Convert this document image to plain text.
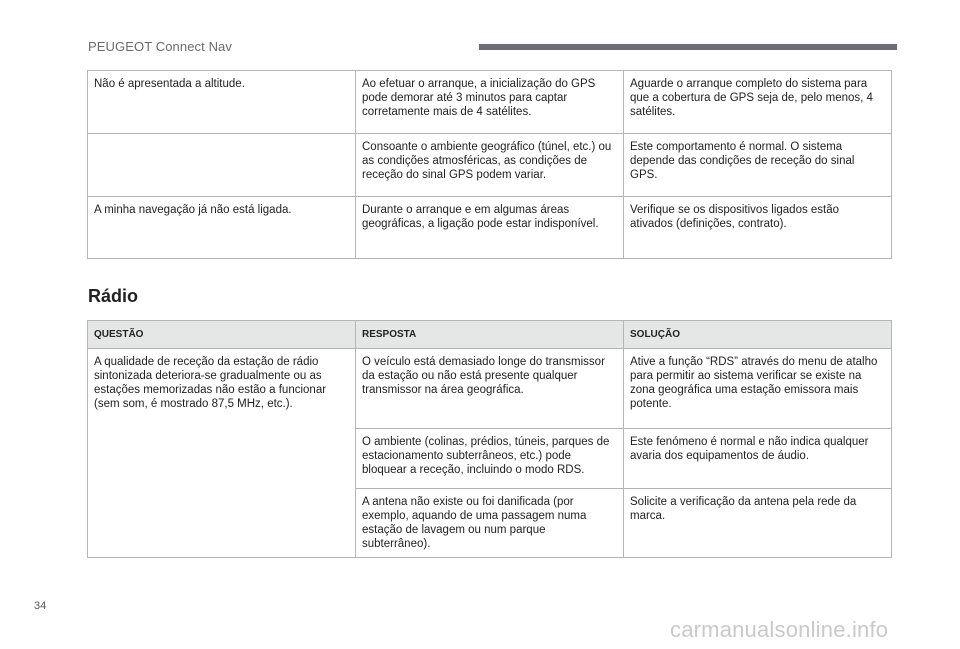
PEUGEOT Connect Nav
Não é apresentada a altitude.	Ao efetuar o arranque, a inicialização do GPS pode demorar até 3 minutos para captar corretamente mais de 4 satélites.	Aguarde o arranque completo do sistema para que a cobertura de GPS seja de, pelo menos, 4 satélites.
	Consoante o ambiente geográfico (túnel, etc.) ou as condições atmosféricas, as condições de receção do sinal GPS podem variar.	Este comportamento é normal. O sistema depende das condições de receção do sinal GPS.
A minha navegação já não está ligada.	Durante o arranque e em algumas áreas geográficas, a ligação pode estar indisponível.	Verifique se os dispositivos ligados estão ativados (definições, contrato).
Rádio
QUESTÃO	RESPOSTA	SOLUÇÃO
A qualidade de receção da estação de rádio sintonizada deteriora-se gradualmente ou as estações memorizadas não estão a funcionar (sem som, é mostrado 87,5 MHz, etc.).	O veículo está demasiado longe do transmissor da estação ou não está presente qualquer transmissor na área geográfica.	Ative a função “RDS” através do menu de atalho para permitir ao sistema verificar se existe na zona geográfica uma estação emissora mais potente.
	O ambiente (colinas, prédios, túneis, parques de estacionamento subterrâneos, etc.) pode bloquear a receção, incluindo o modo RDS.	Este fenómeno é normal e não indica qualquer avaria dos equipamentos de áudio.
	A antena não existe ou foi danificada (por exemplo, aquando de uma passagem numa estação de lavagem ou num parque subterrâneo).	Solicite a verificação da antena pela rede da marca.
34
carmanualsonline.info
